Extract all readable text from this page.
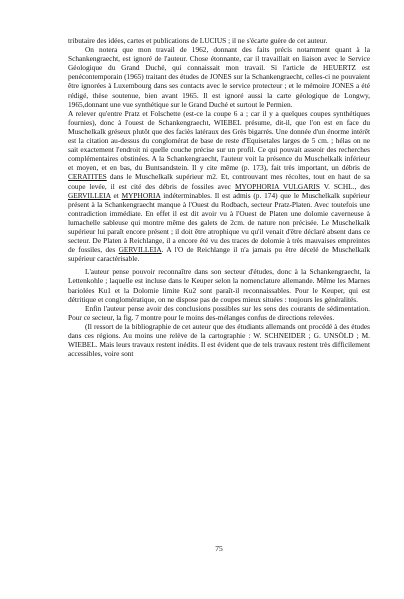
tributaire des idées, cartes et publications de LUCIUS ; il ne s'écarte guère de cet auteur.

On notera que mon travail de 1962, donnant des faits précis notamment quant à la Schankengraecht, est ignoré de l'auteur. Chose étonnante, car il travaillait en liaison avec le Service Géologique du Grand Duché, qui connaissait mon travail. Si l'article de HEUERTZ est penécontemporain (1965) traitant des études de JONES sur la Schankengraecht, celles-ci ne pouvaient être ignorées à Luxembourg dans ses contacts avec le service protecteur ; et le mémoire JONES a été rédigé, thèse soutenue, bien avant 1965. Il est ignoré aussi la carte géologique de Longwy, 1965,donnant une vue synthétique sur le Grand Duché et surtout le Permien.

A relever qu'entre Pratz et Folschette (est-ce la coupe 6 a ; car il y a quelques coupes synthétiques fournies), donc à l'ouest de Schankengraecht, WIEBEL présume, dit-il, que l'on est en face du Muschelkalk gréseux plutôt que des faciès latéraux des Grès bigarrés. Une donnée d'un énorme intérêt est la citation au-dessus du conglomérat de base de reste d'Equisetales larges de 5 cm. ; hélas on ne sait exactement l'endroit ni quelle couche précise sur un profil. Ce qui pouvait asseoir des recherches complémentaires obstinées. A la Schankengraecht, l'auteur voit la présence du Muschelkalk inférieur et moyen, et en bas, du Buntsandstein. Il y cite même (p. 173), fait très important, un débris de CERATITES dans le Muschelkalk supérieur m2. Et, controuvant mes récoltes, tout en haut de sa coupe levée, il est cité des débris de fossiles avec MYOPHORIA VULGARIS V. SCHL., des GERVILLEIA et MYPHORIA indéterminables. Il est admis (p. 174) que le Muschelkalk supérieur présent à la Schankengraecht manque à l'Ouest du Rodbach, secteur Pratz-Platen. Avec toutefois une contradiction immédiate. En effet il est dit avoir vu à l'Ouest de Platen une dolomie caverneuse à lumachelle sableuse qui montre même des galets de 2cm. de nature non précisée. Le Muschelkalk supérieur lui paraît encore présent ; il doit être atrophique vu qu'il venait d'être déclaré absent dans ce secteur. De Platen à Reichlange, il a encore été vu des traces de dolomie à très mauvaises empreintes de fossiles, des GERVILLEIA. A l'O de Reichlange il n'a jamais pu être décelé de Muschelkalk supérieur caractérisable.

L'auteur pense pouvoir reconnaître dans son secteur d'études, donc à la Schankengraecht, la Lettenkohle ; laquelle est incluse dans le Keuper selon la nomenclature allemande. Même les Marnes bariolées Ku1 et la Dolomie limite Ku2 sont paraît-il reconnaissables. Pour le Keuper, qui est détritique et conglomératique, on ne dispose pas de coupes mieux situées : toujours les généralités.

Enfin l'auteur pense avoir des conclusions possibles sur les sens des courants de sédimentation. Pour ce secteur, la fig. 7 montre pour le moins des-mélanges confus de directions relevées.

(Il ressort de la bibliographie de cet auteur que des étudiants allemands ont procédé à des études dans ces régions. Au moins une relève de la cartographie : W. SCHNEIDER ; G. UNSÖLD ; M. WIEBEL. Mais leurs travaux restent inédits. Il est évident que de tels travaux restent très difficilement accessibles, voire sont

75
